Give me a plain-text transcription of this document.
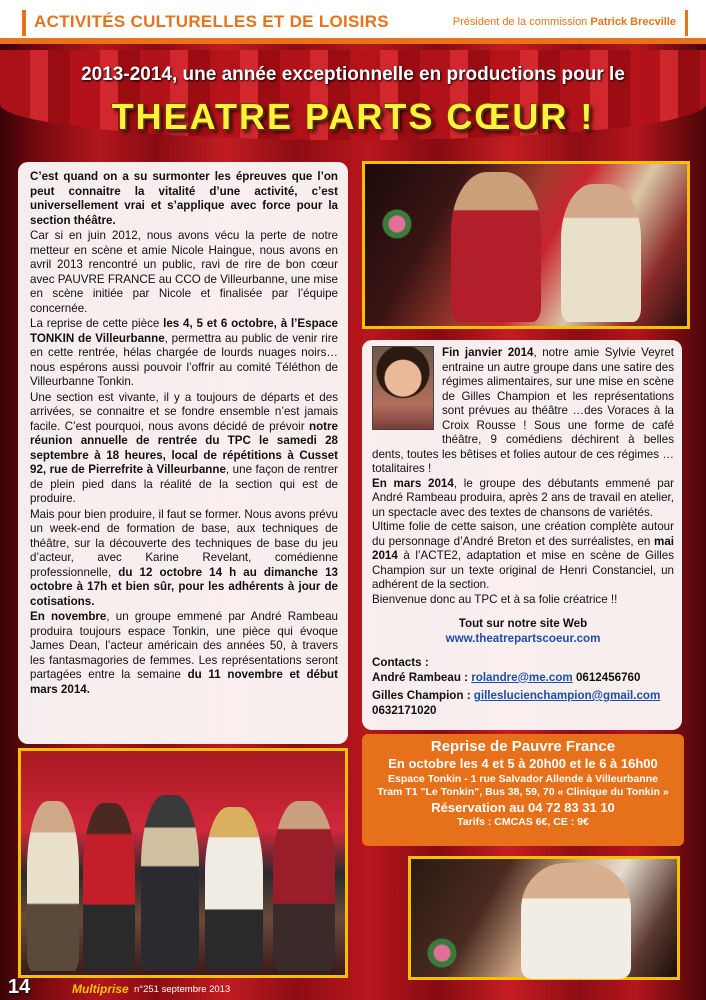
ACTIVITÉS CULTURELLES ET DE LOISIRS	Président de la commission Patrick Brecville
2013-2014, une année exceptionnelle en productions pour le
THEATRE PARTS CŒUR !

C’est quand on a su surmonter les épreuves que l’on peut connaitre la vitalité d’une activité, c’est universellement vrai et s’applique avec force pour la section théâtre.

Car si en juin 2012, nous avons vécu la perte de notre metteur en scène et amie Nicole Haingue, nous avons en avril 2013 rencontré un public, ravi de rire de bon cœur avec PAUVRE FRANCE au CCO de Villeurbanne, une mise en scène initiée par Nicole et finalisée par l’équipe concernée.

La reprise de cette pièce les 4, 5 et 6 octobre, à l’Espace TONKIN de Villeurbanne, permettra au public de venir rire en cette rentrée, hélas chargée de lourds nuages noirs…nous espérons aussi pouvoir l’offrir au comité Téléthon de Villeurbanne Tonkin.

Une section est vivante, il y a toujours de départs et des arrivées, se connaitre et se fondre ensemble n’est jamais facile. C’est pourquoi, nous avons décidé de prévoir notre réunion annuelle de rentrée du TPC le samedi 28 septembre à 18 heures, local de répétitions à Cusset 92, rue de Pierrefrite à Villeurbanne, une façon de rentrer de plein pied dans la réalité de la section qui est de produire.

Mais pour bien produire, il faut se former. Nous avons prévu un week-end de formation de base, aux techniques de théâtre, sur la découverte des techniques de base du jeu d’acteur, avec Karine Revelant, comédienne professionnelle, du 12 octobre 14 h au dimanche 13 octobre à 17h et bien sûr, pour les adhérents à jour de cotisations.

En novembre, un groupe emmené par André Rambeau produira toujours espace Tonkin, une pièce qui évoque James Dean, l’acteur américain des années 50, à travers les fantasmagories de femmes. Les représentations seront partagées entre la semaine du 11 novembre et début mars 2014.

Fin janvier 2014, notre amie Sylvie Veyret entraine un autre groupe dans une satire des régimes alimentaires, sur une mise en scène de Gilles Champion et les représentations sont prévues au théâtre …des Voraces à la Croix Rousse ! Sous une forme de café théâtre, 9 comédiens déchirent à belles dents, toutes les bêtises et folies autour de ces régimes …totalitaires !

En mars 2014, le groupe des débutants emmené par André Rambeau produira, après 2 ans de travail en atelier, un spectacle avec des textes de chansons de variétés.

Ultime folie de cette saison, une création complète autour du personnage d’André Breton et des surréalistes, en mai 2014 à l’ACTE2, adaptation et mise en scène de Gilles Champion sur un texte original de Henri Constanciel, un adhérent de la section.

Bienvenue donc au TPC et à sa folie créatrice !!

Tout sur notre site Web

www.theatrepartscoeur.com

Contacts :

André Rambeau : rolandre@me.com 0612456760

Gilles Champion : gilleslucienchampion@gmail.com
0632171020

Reprise de Pauvre France
En octobre les 4 et 5 à 20h00 et le 6 à 16h00
Espace Tonkin - 1 rue Salvador Allende à Villeurbanne
Tram T1 "Le Tonkin", Bus 38, 59, 70 « Clinique du Tonkin »
Réservation au 04 72 83 31 10
Tarifs : CMCAS 6€, CE : 9€
14	Multiprise n°251 septembre 2013
